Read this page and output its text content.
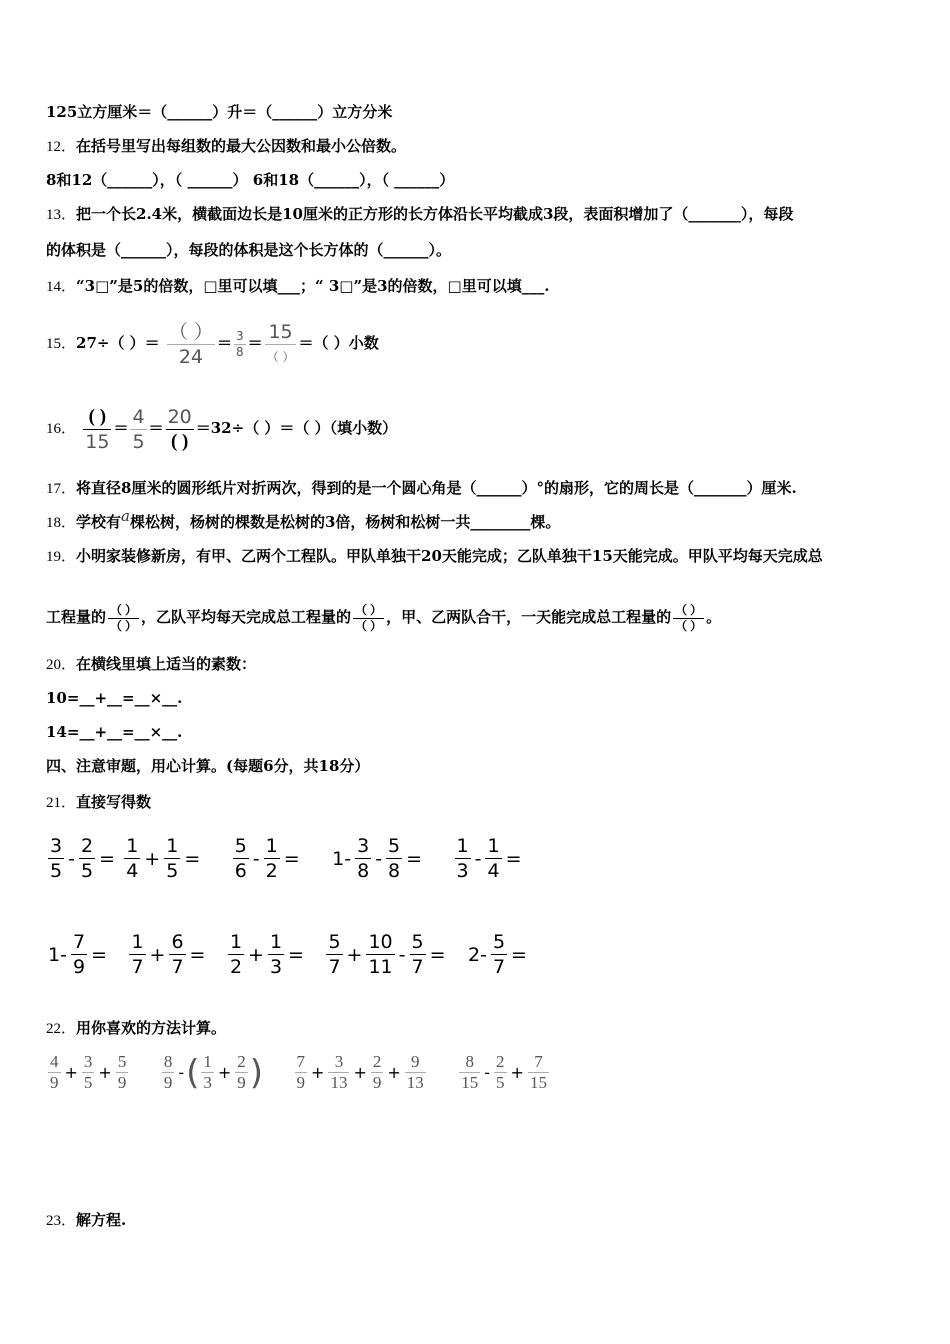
125立方厘米＝（______）升＝（______）立方分米
12．在括号里写出每组数的最大公因数和最小公倍数。
8和12（______），（ ______） 6和18（______），（ ______）
13．把一个长2.4米，横截面边长是10厘米的正方形的长方体沿长平均截成3段，表面积增加了（_______），每段
的体积是（______），每段的体积是这个长方体的（______）。
14．“3□”是5的倍数，□里可以填___；“ 3□”是3的倍数，□里可以填___.
15．27÷（ ）＝ $\frac{( )}{24} = \frac{3}{8} = \frac{15}{( )}$ ＝（ ）小数
16． $\frac{( )}{15} = \frac{4}{5} = \frac{20}{( )} =32\div$（ ）＝（ ）（填小数）
17．将直径8厘米的圆形纸片对折两次，得到的是一个圆心角是（______）°的扇形，它的周长是（_______）厘米.
18．学校有a棵松树，杨树的棵数是松树的3倍，杨树和松树一共________棵。
19．小明家装修新房，有甲、乙两个工程队。甲队单独干20天能完成；乙队单独干15天能完成。甲队平均每天完成总
工程量的 $\frac{( )}{( )}$ ，乙队平均每天完成总工程量的 $\frac{( )}{( )}$ ，甲、乙两队合干，一天能完成总工程量的 $\frac{( )}{( )}$ 。
20．在横线里填上适当的素数：
10=__+__=__×__.
14=__+__=__×__.
四、注意审题，用心计算。(每题6分，共18分）
21．直接写得数
$\frac{3}{5} - \frac{2}{5} = \frac{1}{4} + \frac{1}{5} = \frac{5}{6} - \frac{1}{2} = 1- \frac{3}{8} - \frac{5}{8} = \frac{1}{3} - \frac{1}{4}$ =
$1- \frac{7}{9} = \frac{1}{7} + \frac{6}{7} = \frac{1}{2} + \frac{1}{3} = \frac{5}{7} + \frac{10}{11} - \frac{5}{7} = 2- \frac{5}{7}$ =
22．用你喜欢的方法计算。
$\frac{4}{9} + \frac{3}{5} + \frac{5}{9}$
$\frac{8}{9}$ -( $\frac{1}{3} + \frac{2}{9}$ ) $\frac{7}{9} + \frac{3}{13} + \frac{2}{9} + \frac{9}{13}$
$\frac{8}{15} - \frac{2}{5} + \frac{7}{15}$
23．解方程.
